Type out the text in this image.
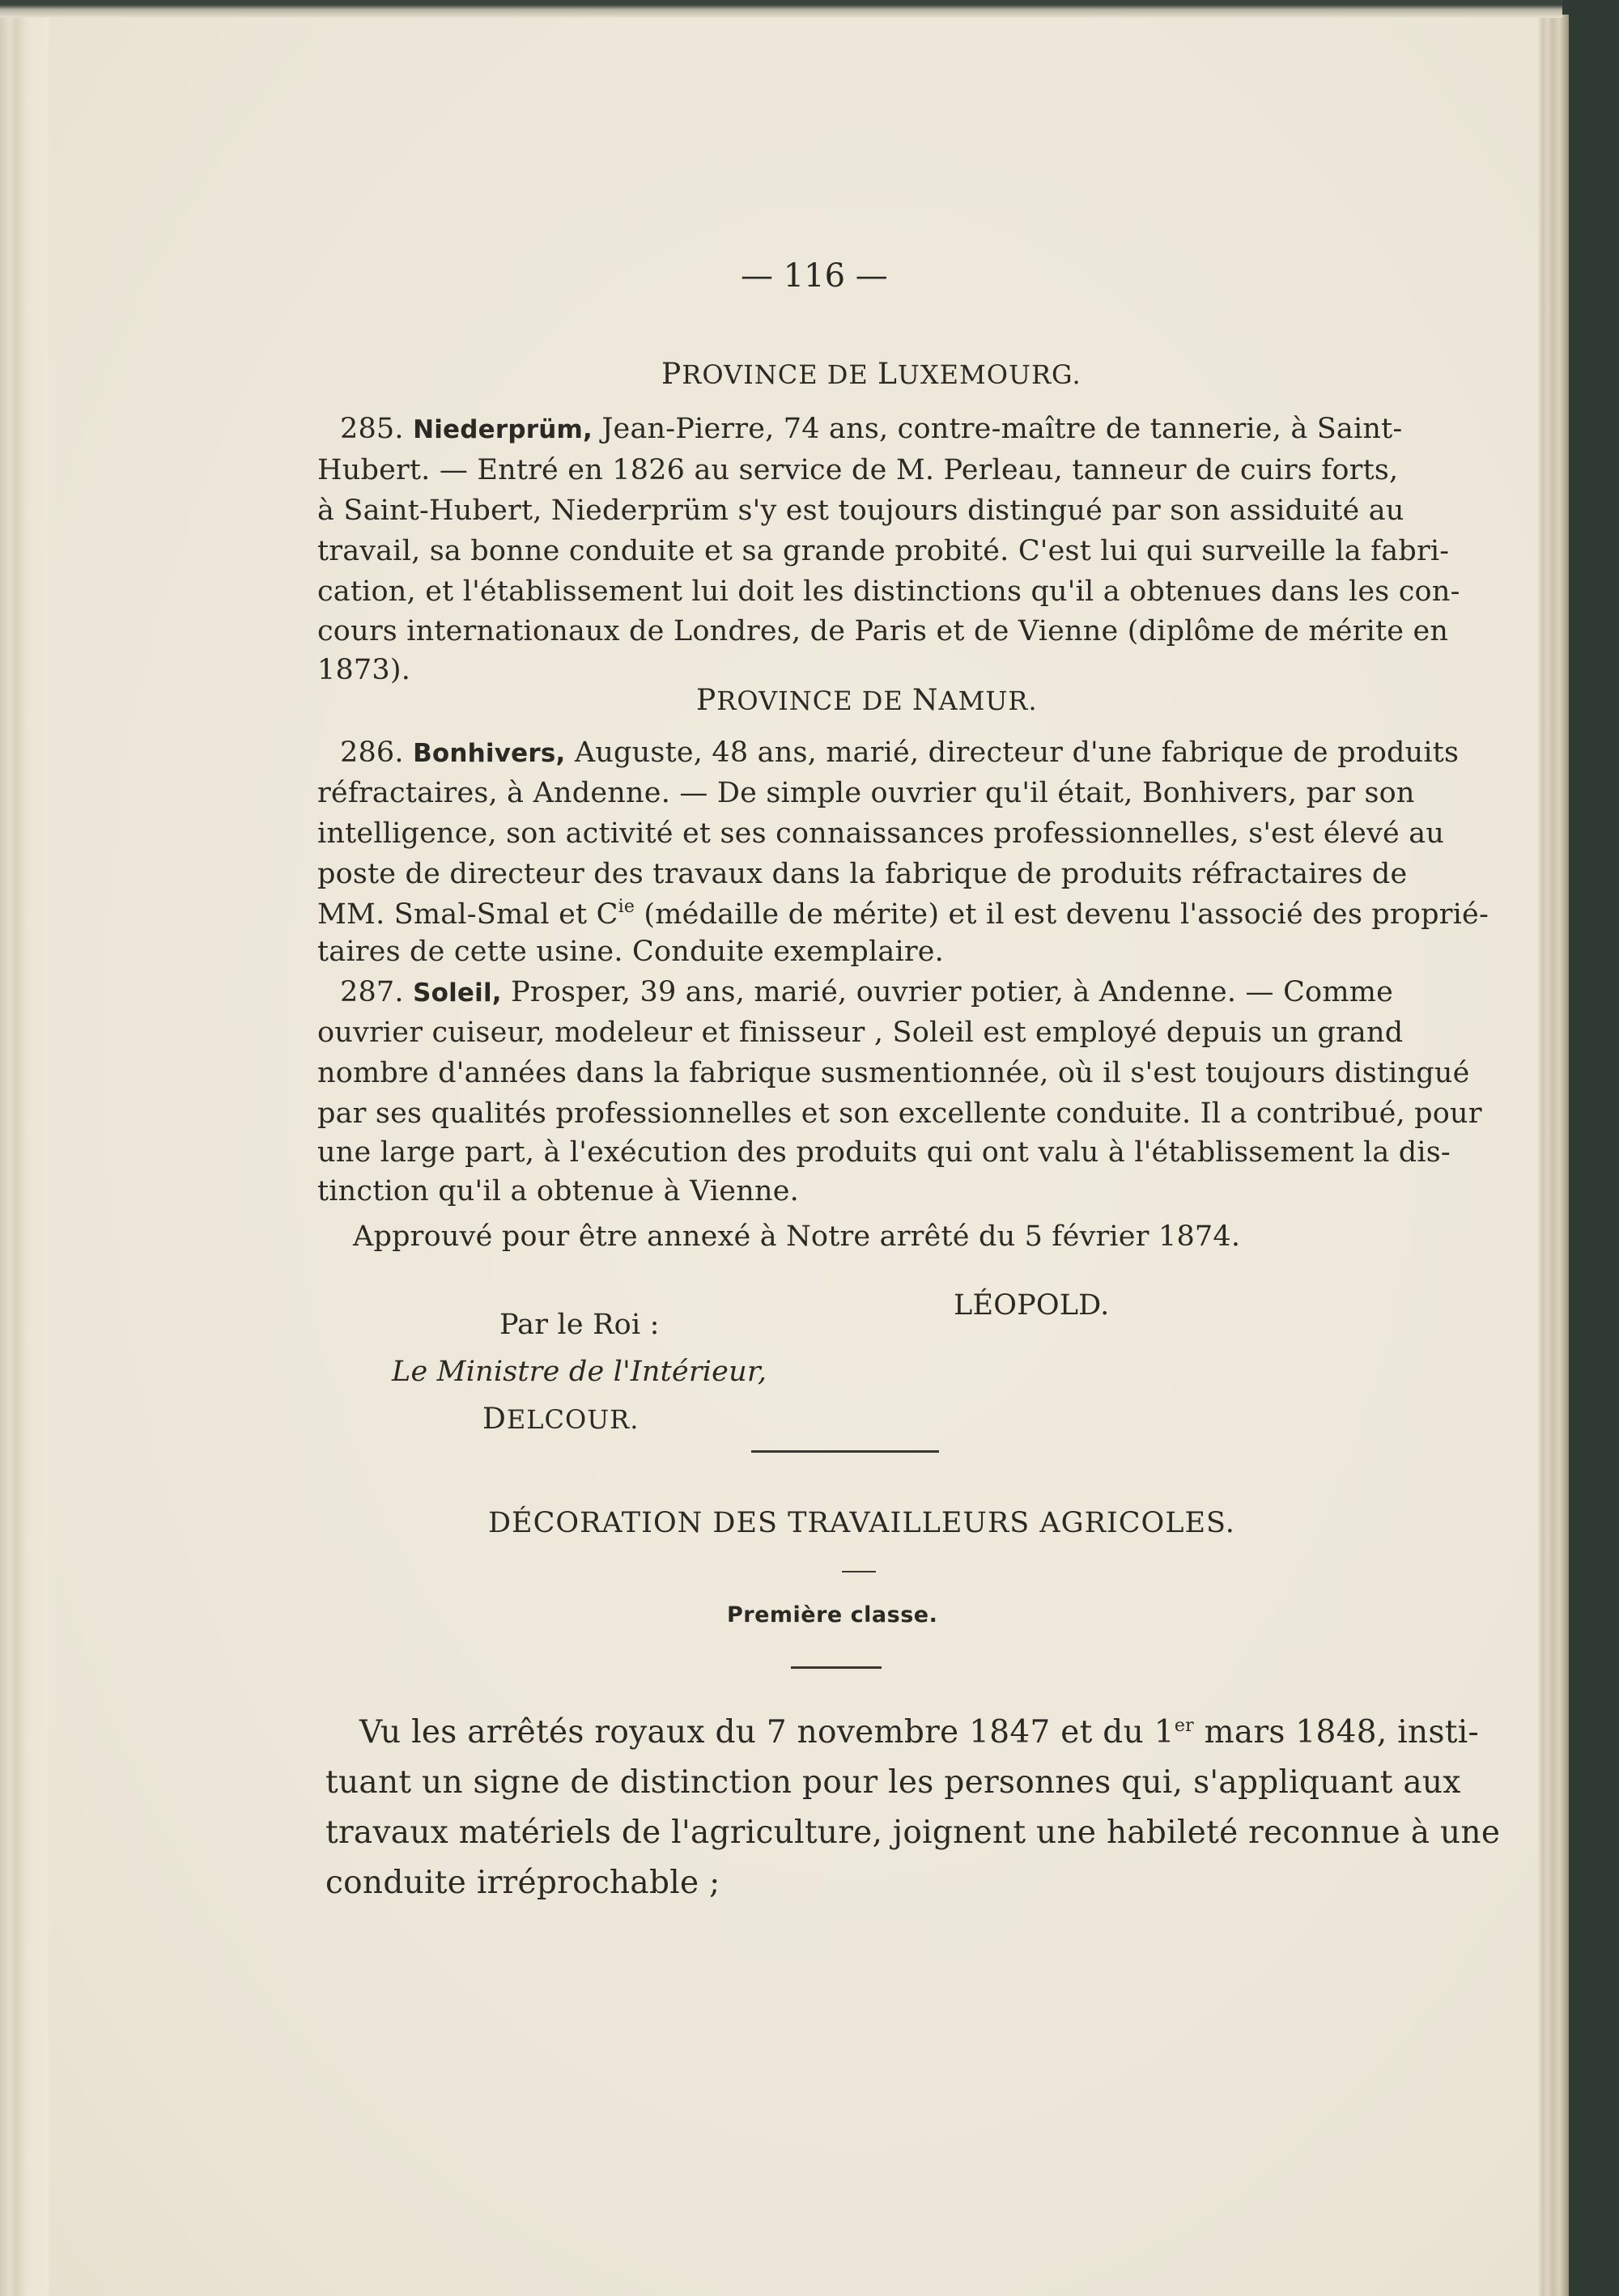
— 116 —
PROVINCE DE LUXEMOURG.
285. Niederprüm, Jean-Pierre, 74 ans, contre-maître de tannerie, à Saint-
Hubert. — Entré en 1826 au service de M. Perleau, tanneur de cuirs forts,
à Saint-Hubert, Niederprüm s'y est toujours distingué par son assiduité au
travail, sa bonne conduite et sa grande probité. C'est lui qui surveille la fabri-
cation, et l'établissement lui doit les distinctions qu'il a obtenues dans les con-
cours internationaux de Londres, de Paris et de Vienne (diplôme de mérite en
1873).
PROVINCE DE NAMUR.
286. Bonhivers, Auguste, 48 ans, marié, directeur d'une fabrique de produits
réfractaires, à Andenne. — De simple ouvrier qu'il était, Bonhivers, par son
intelligence, son activité et ses connaissances professionnelles, s'est élevé au
poste de directeur des travaux dans la fabrique de produits réfractaires de
MM. Smal-Smal et $C^{ie}$ (médaille de mérite) et il est devenu l'associé des proprié-
taires de cette usine. Conduite exemplaire.
287. Soleil, Prosper, 39 ans, marié, ouvrier potier, à Andenne. — Comme
ouvrier cuiseur, modeleur et finisseur , Soleil est employé depuis un grand
nombre d'années dans la fabrique susmentionnée, où il s'est toujours distingué
par ses qualités professionnelles et son excellente conduite. Il a contribué, pour
une large part, à l'exécution des produits qui ont valu à l'établissement la dis-
tinction qu'il a obtenue à Vienne.
Approuvé pour être annexé à Notre arrêté du 5 février 1874.
LÉOPOLD.
Par le Roi :
Le Ministre de l'Intérieur,
DELCOUR.
DÉCORATION DES TRAVAILLEURS AGRICOLES.
Première classe.
Vu les arrêtés royaux du 7 novembre 1847 et du 1er mars 1848, insti-
tuant un signe de distinction pour les personnes qui, s'appliquant aux
travaux matériels de l'agriculture, joignent une habileté reconnue à une
conduite irréprochable ;
